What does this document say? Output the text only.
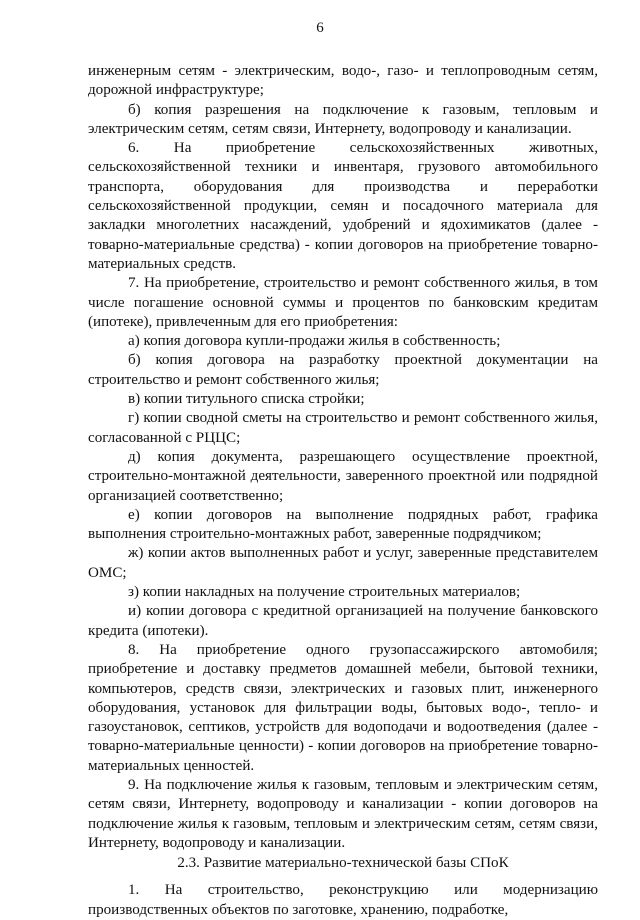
6

инженерным сетям - электрическим, водо-, газо- и теплопроводным сетям, дорожной инфраструктуре;

б) копия разрешения на подключение к газовым, тепловым и электрическим сетям, сетям связи, Интернету, водопроводу и канализации.

6. На приобретение сельскохозяйственных животных, сельскохозяйственной техники и инвентаря, грузового автомобильного транспорта, оборудования для производства и переработки сельскохозяйственной продукции, семян и посадочного материала для закладки многолетних насаждений, удобрений и ядохимикатов (далее - товарно-материальные средства) - копии договоров на приобретение товарно-материальных средств.

7. На приобретение, строительство и ремонт собственного жилья, в том числе погашение основной суммы и процентов по банковским кредитам (ипотеке), привлеченным для его приобретения:

а) копия договора купли-продажи жилья в собственность;

б) копия договора на разработку проектной документации на строительство и ремонт собственного жилья;

в) копии титульного списка стройки;

г) копии сводной сметы на строительство и ремонт собственного жилья, согласованной с РЦЦС;

д) копия документа, разрешающего осуществление проектной, строительно-монтажной деятельности, заверенного проектной или подрядной организацией соответственно;

е) копии договоров на выполнение подрядных работ, графика выполнения строительно-монтажных работ, заверенные подрядчиком;

ж) копии актов выполненных работ и услуг, заверенные представителем ОМС;

з) копии накладных на получение строительных материалов;

и) копии договора с кредитной организацией на получение банковского кредита (ипотеки).

8. На приобретение одного грузопассажирского автомобиля; приобретение и доставку предметов домашней мебели, бытовой техники, компьютеров, средств связи, электрических и газовых плит, инженерного оборудования, установок для фильтрации воды, бытовых водо-, тепло- и газоустановок, септиков, устройств для водоподачи и водоотведения (далее - товарно-материальные ценности) - копии договоров на приобретение товарно-материальных ценностей.

9. На подключение жилья к газовым, тепловым и электрическим сетям, сетям связи, Интернету, водопроводу и канализации - копии договоров на подключение жилья к газовым, тепловым и электрическим сетям, сетям связи, Интернету, водопроводу и канализации.

2.3. Развитие материально-технической базы СПоК

1. На строительство, реконструкцию или модернизацию производственных объектов по заготовке, хранению, подработке,
